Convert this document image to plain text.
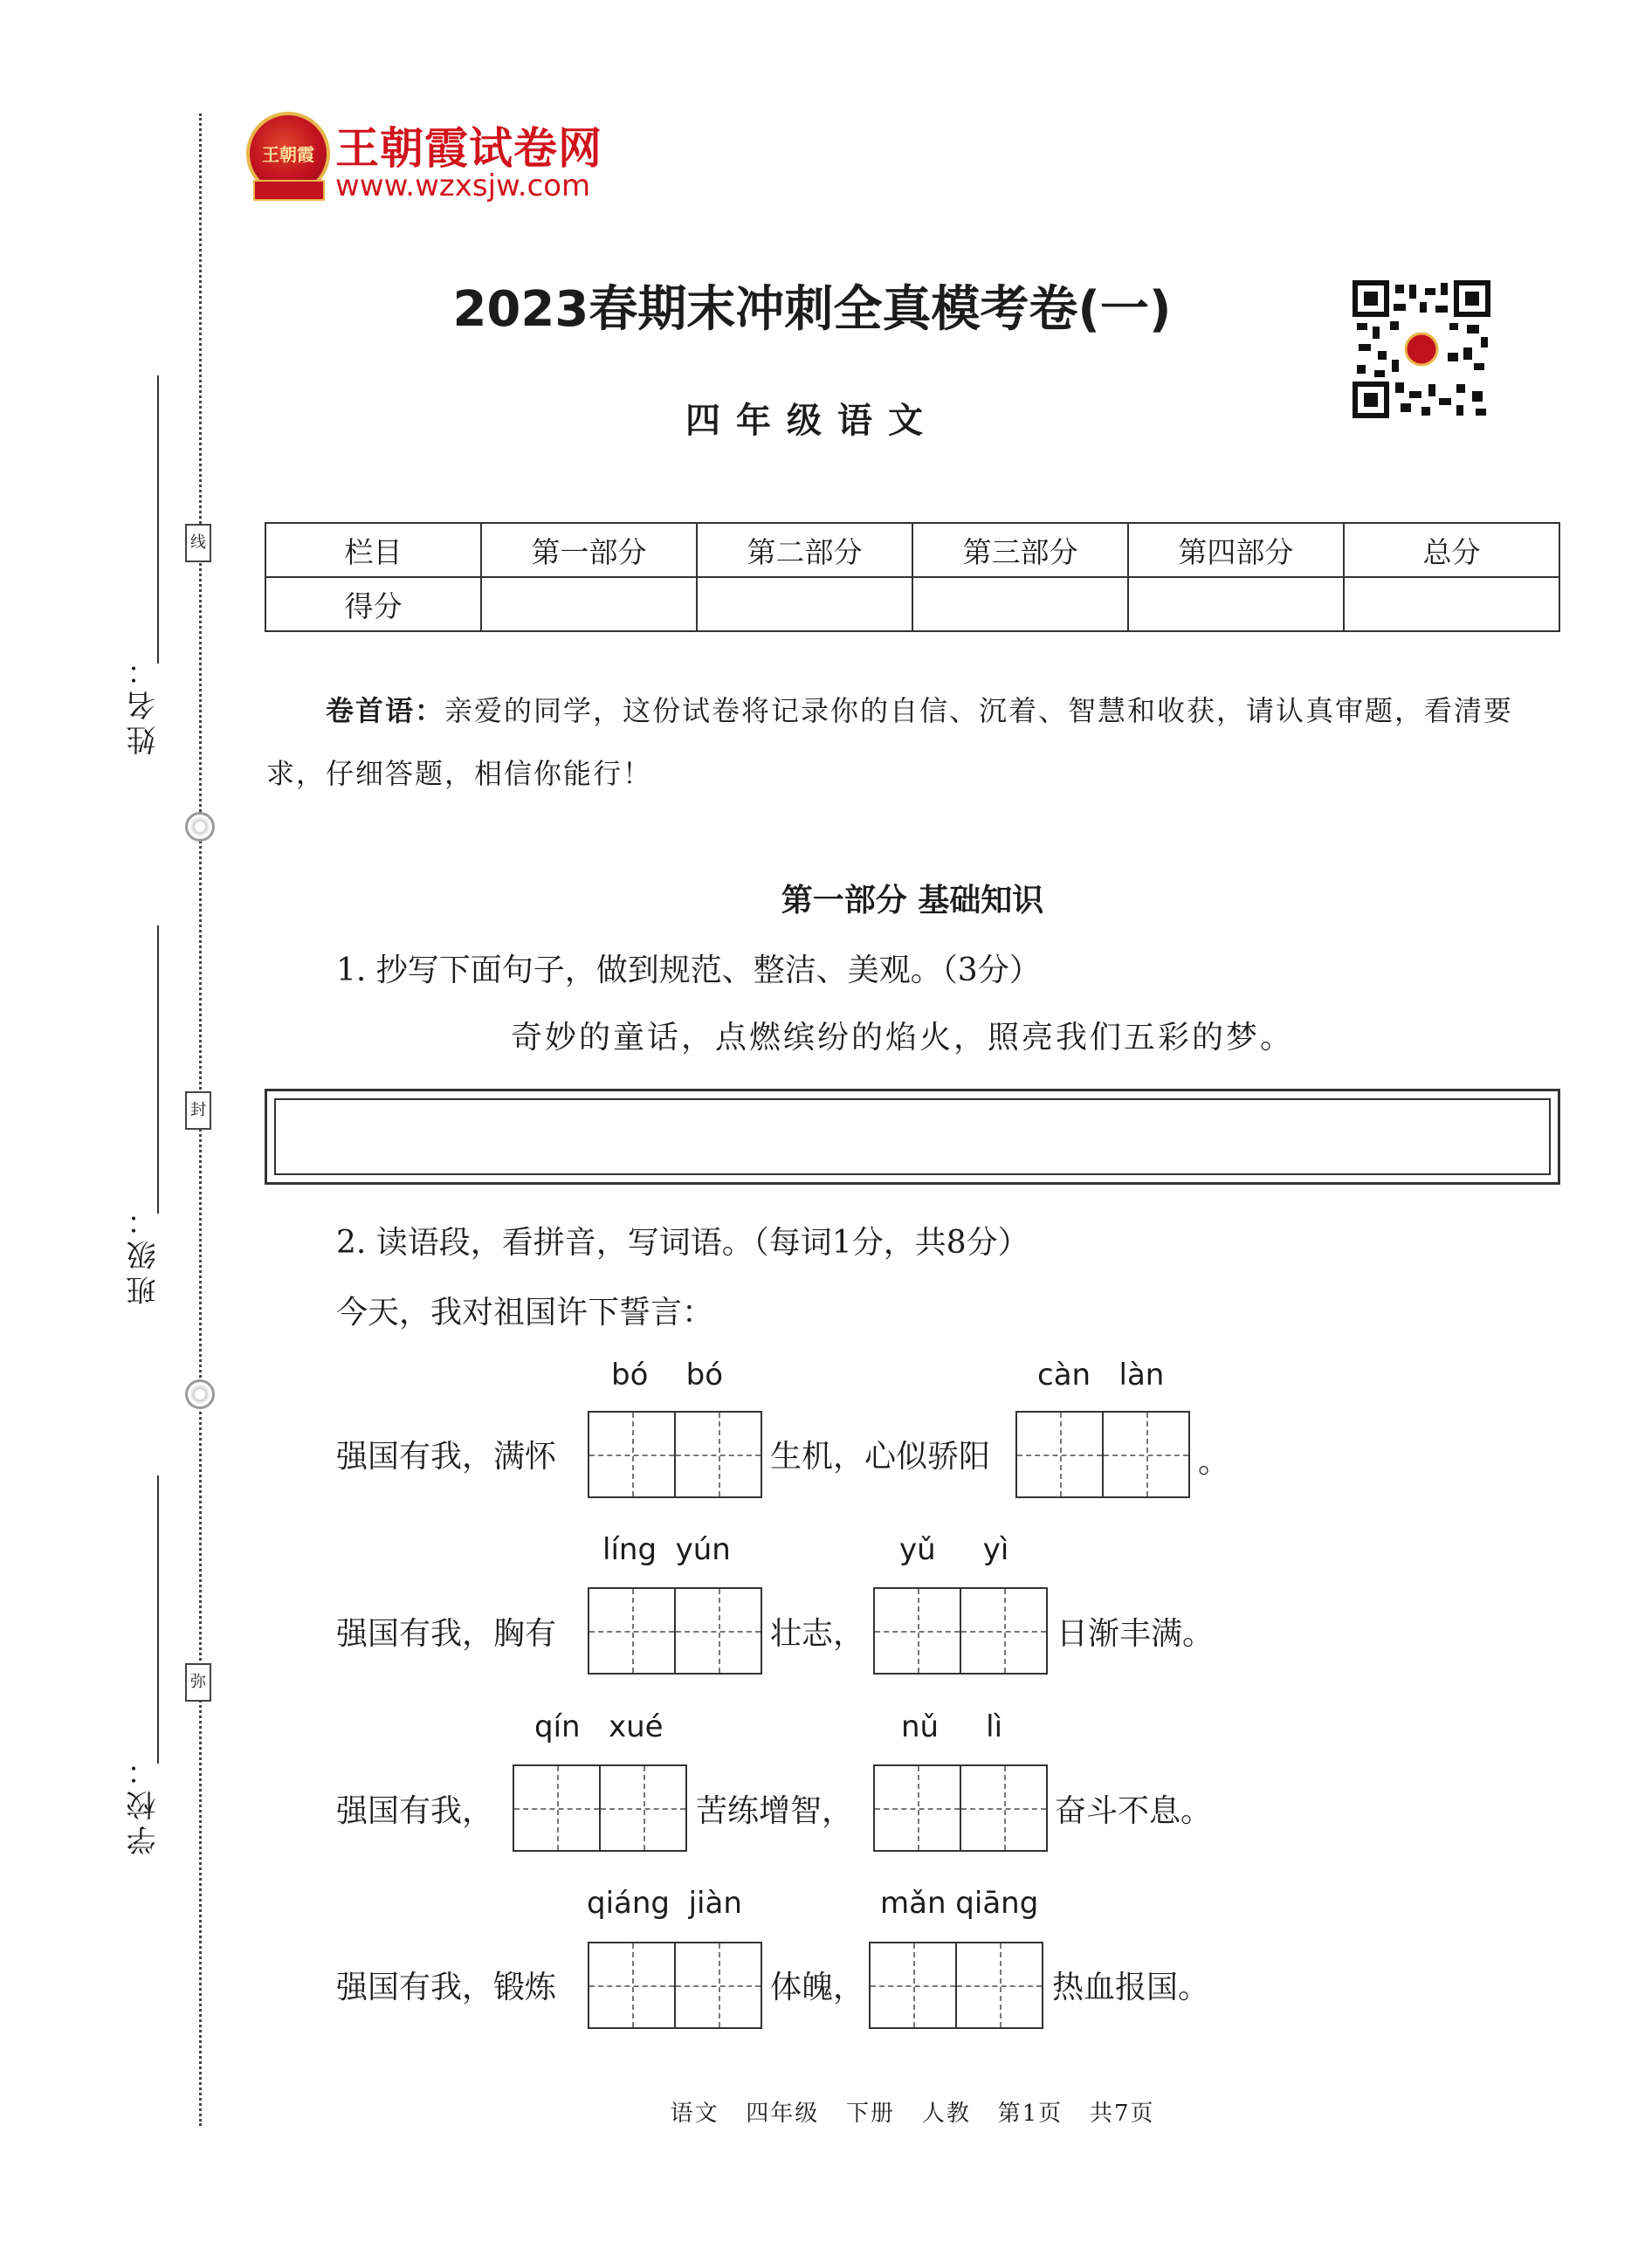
姓名：
班级：
学校：
线
封
弥
王朝霞 王朝霞试卷网
www.wzxsjw.com
2023春期末冲刺全真模考卷(一)
四年级语文
栏目	第一部分	第二部分	第三部分	第四部分	总分
得分					
卷首语：亲爱的同学，这份试卷将记录你的自信、沉着、智慧和收获，请认真审题，看清要求，仔细答题，相信你能行！
第一部分 基础知识
1. 抄写下面句子，做到规范、整洁、美观。（3分）
奇妙的童话，点燃缤纷的焰火，照亮我们五彩的梦。
2. 读语段，看拼音，写词语。（每词1分，共8分）
今天，我对祖国许下誓言：
bó    bó	càn   làn
强国有我，满怀	生机，心似骄阳	。
líng  yún	yǔ     yì
强国有我，胸有	壮志，	日渐丰满。
qín   xué	nǔ     lì
强国有我，	苦练增智，	奋斗不息。
qiáng  jiàn	mǎn qiāng
强国有我，锻炼	体魄，	热血报国。
语文   四年级   下册   人教   第1页   共7页
